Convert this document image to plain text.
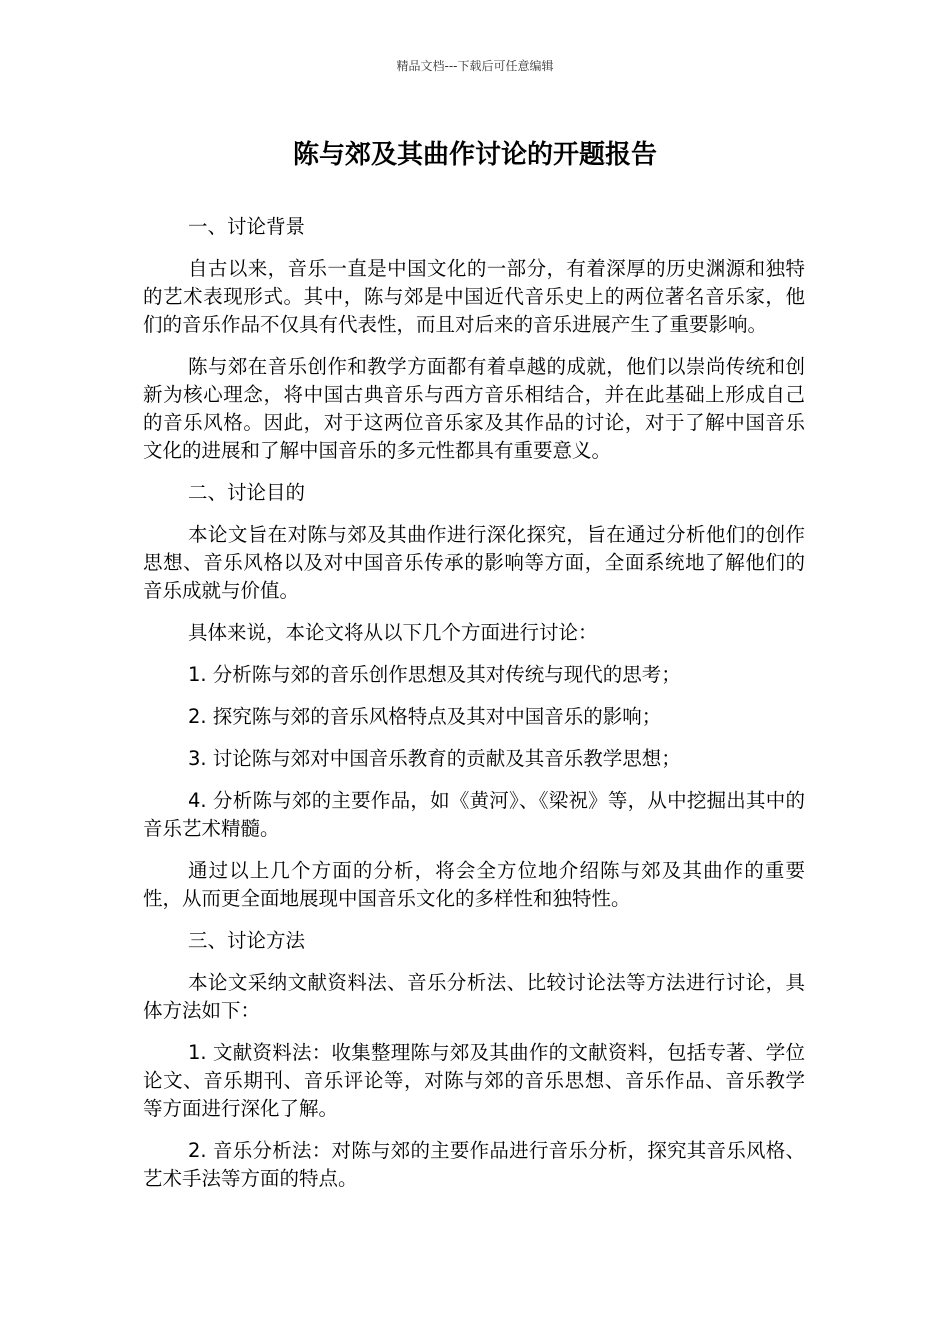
精品文档---下载后可任意编辑
陈与郊及其曲作讨论的开题报告

一、讨论背景

自古以来，音乐一直是中国文化的一部分，有着深厚的历史渊源和独特的艺术表现形式。其中，陈与郊是中国近代音乐史上的两位著名音乐家，他们的音乐作品不仅具有代表性，而且对后来的音乐进展产生了重要影响。

陈与郊在音乐创作和教学方面都有着卓越的成就，他们以崇尚传统和创新为核心理念，将中国古典音乐与西方音乐相结合，并在此基础上形成自己的音乐风格。因此，对于这两位音乐家及其作品的讨论，对于了解中国音乐文化的进展和了解中国音乐的多元性都具有重要意义。

二、讨论目的

本论文旨在对陈与郊及其曲作进行深化探究，旨在通过分析他们的创作思想、音乐风格以及对中国音乐传承的影响等方面，全面系统地了解他们的音乐成就与价值。

具体来说，本论文将从以下几个方面进行讨论：

1. 分析陈与郊的音乐创作思想及其对传统与现代的思考；

2. 探究陈与郊的音乐风格特点及其对中国音乐的影响；

3. 讨论陈与郊对中国音乐教育的贡献及其音乐教学思想；

4. 分析陈与郊的主要作品，如《黄河》、《梁祝》等，从中挖掘出其中的音乐艺术精髓。

通过以上几个方面的分析，将会全方位地介绍陈与郊及其曲作的重要性，从而更全面地展现中国音乐文化的多样性和独特性。

三、讨论方法

本论文采纳文献资料法、音乐分析法、比较讨论法等方法进行讨论，具体方法如下：

1. 文献资料法：收集整理陈与郊及其曲作的文献资料，包括专著、学位论文、音乐期刊、音乐评论等，对陈与郊的音乐思想、音乐作品、音乐教学等方面进行深化了解。

2. 音乐分析法：对陈与郊的主要作品进行音乐分析，探究其音乐风格、艺术手法等方面的特点。
